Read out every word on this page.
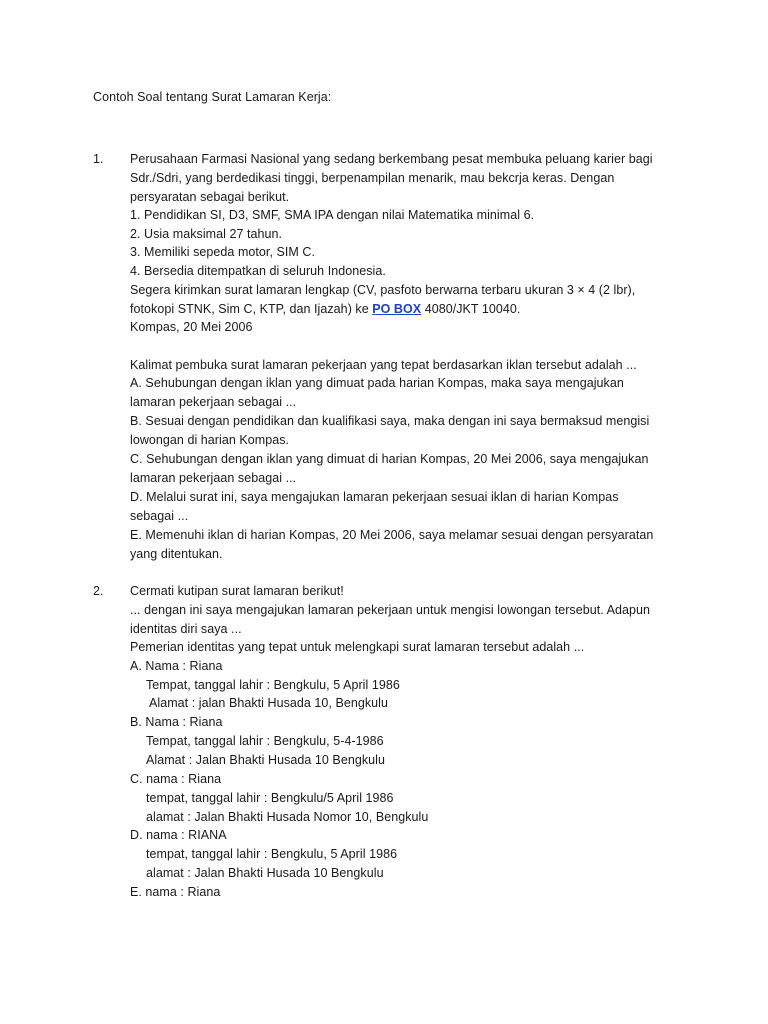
Contoh Soal tentang Surat Lamaran Kerja:
1. Perusahaan Farmasi Nasional yang sedang berkembang pesat membuka peluang karier bagi
Sdr./Sdri, yang berdedikasi tinggi, berpenampilan menarik, mau bekcrja keras. Dengan
persyaratan sebagai berikut.
1. Pendidikan SI, D3, SMF, SMA IPA dengan nilai Matematika minimal 6.
2. Usia maksimal 27 tahun.
3. Memiliki sepeda motor, SIM C.
4. Bersedia ditempatkan di seluruh Indonesia.
Segera kirimkan surat lamaran lengkap (CV, pasfoto berwarna terbaru ukuran 3 × 4 (2 lbr),
fotokopi STNK, Sim C, KTP, dan Ijazah) ke PO BOX 4080/JKT 10040.
Kompas, 20 Mei 2006
Kalimat pembuka surat lamaran pekerjaan yang tepat berdasarkan iklan tersebut adalah ...
A. Sehubungan dengan iklan yang dimuat pada harian Kompas, maka saya mengajukan
lamaran pekerjaan sebagai ...
B. Sesuai dengan pendidikan dan kualifikasi saya, maka dengan ini saya bermaksud mengisi
lowongan di harian Kompas.
C. Sehubungan dengan iklan yang dimuat di harian Kompas, 20 Mei 2006, saya mengajukan
lamaran pekerjaan sebagai ...
D. Melalui surat ini, saya mengajukan lamaran pekerjaan sesuai iklan di harian Kompas
sebagai ...
E. Memenuhi iklan di harian Kompas, 20 Mei 2006, saya melamar sesuai dengan persyaratan
yang ditentukan.
2. Cermati kutipan surat lamaran berikut!
... dengan ini saya mengajukan lamaran pekerjaan untuk mengisi lowongan tersebut. Adapun
identitas diri saya ...
Pemerian identitas yang tepat untuk melengkapi surat lamaran tersebut adalah ...
A. Nama : Riana
Tempat, tanggal lahir : Bengkulu, 5 April 1986
Alamat : jalan Bhakti Husada 10, Bengkulu
B. Nama : Riana
Tempat, tanggal lahir : Bengkulu, 5-4-1986
Alamat : Jalan Bhakti Husada 10 Bengkulu
C. nama : Riana
tempat, tanggal lahir : Bengkulu/5 April 1986
alamat : Jalan Bhakti Husada Nomor 10, Bengkulu
D. nama : RIANA
tempat, tanggal lahir : Bengkulu, 5 April 1986
alamat : Jalan Bhakti Husada 10 Bengkulu
E. nama : Riana
